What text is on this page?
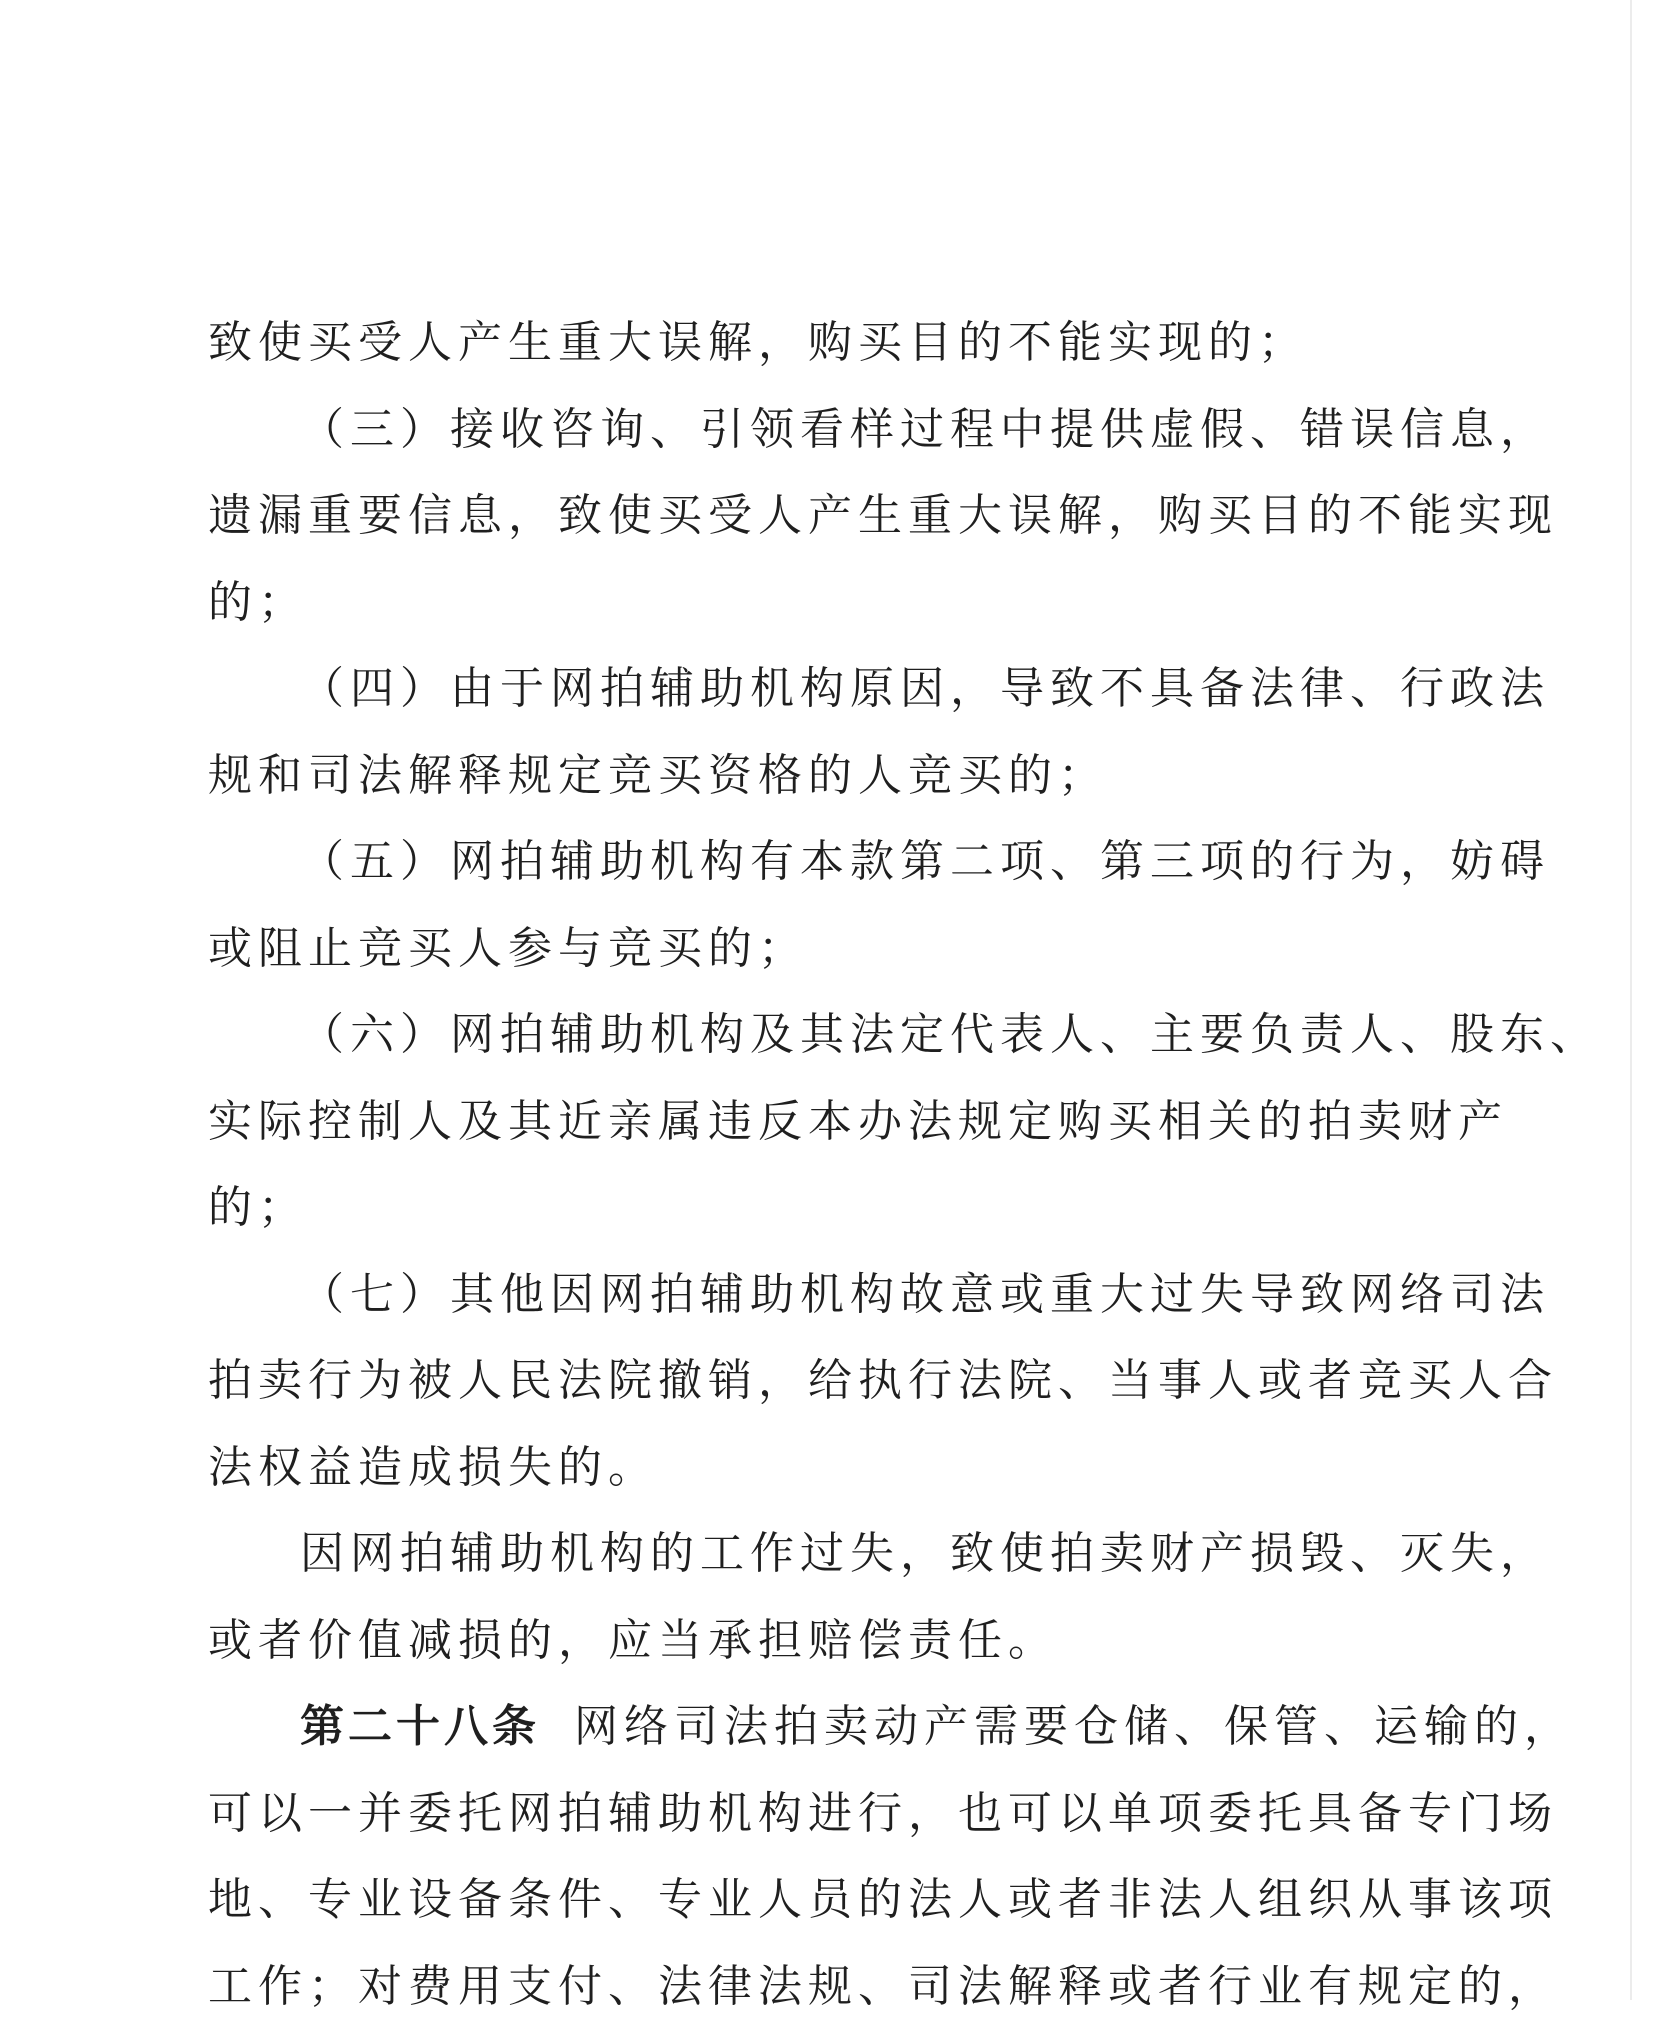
致使买受人产生重大误解，购买目的不能实现的；
（三）接收咨询、引领看样过程中提供虚假、错误信息，
遗漏重要信息，致使买受人产生重大误解，购买目的不能实现
的；
（四）由于网拍辅助机构原因，导致不具备法律、行政法
规和司法解释规定竞买资格的人竞买的；
（五）网拍辅助机构有本款第二项、第三项的行为，妨碍
或阻止竞买人参与竞买的；
（六）网拍辅助机构及其法定代表人、主要负责人、股东、
实际控制人及其近亲属违反本办法规定购买相关的拍卖财产
的；
（七）其他因网拍辅助机构故意或重大过失导致网络司法
拍卖行为被人民法院撤销，给执行法院、当事人或者竞买人合
法权益造成损失的。
因网拍辅助机构的工作过失，致使拍卖财产损毁、灭失，
或者价值减损的，应当承担赔偿责任。
第二十八条 网络司法拍卖动产需要仓储、保管、运输的，
可以一并委托网拍辅助机构进行，也可以单项委托具备专门场
地、专业设备条件、专业人员的法人或者非法人组织从事该项
工作；对费用支付、法律法规、司法解释或者行业有规定的，
